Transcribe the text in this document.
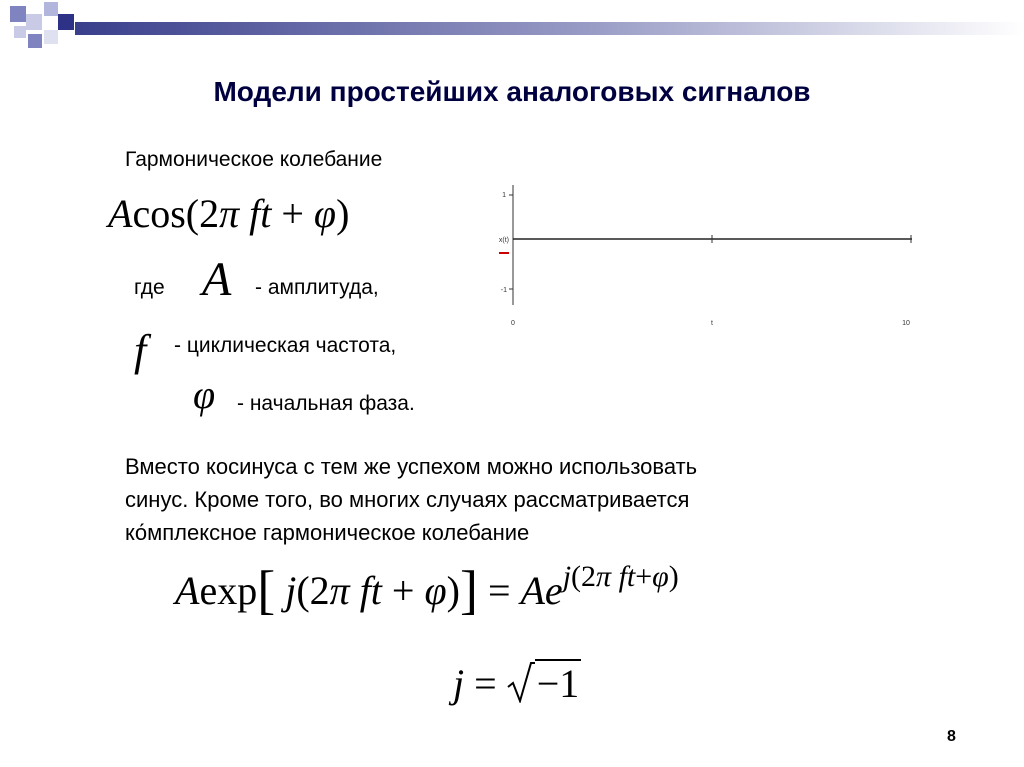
Модели простейших аналоговых сигналов
Гармоническое колебание
Acos(2π ft + φ)
где A - амплитуда,
f - циклическая частота,
φ - начальная фаза.
1
x(t)
-1
0	t	10
Вместо косинуса с тем же успехом можно использовать
синус. Кроме того, во многих случаях рассматривается
ко́мплексное гармоническое колебание
Aexp[ j(2π ft + $\varphi)] = Ae^{j(2\pi ft+\varphi)}$
j = −1
8
